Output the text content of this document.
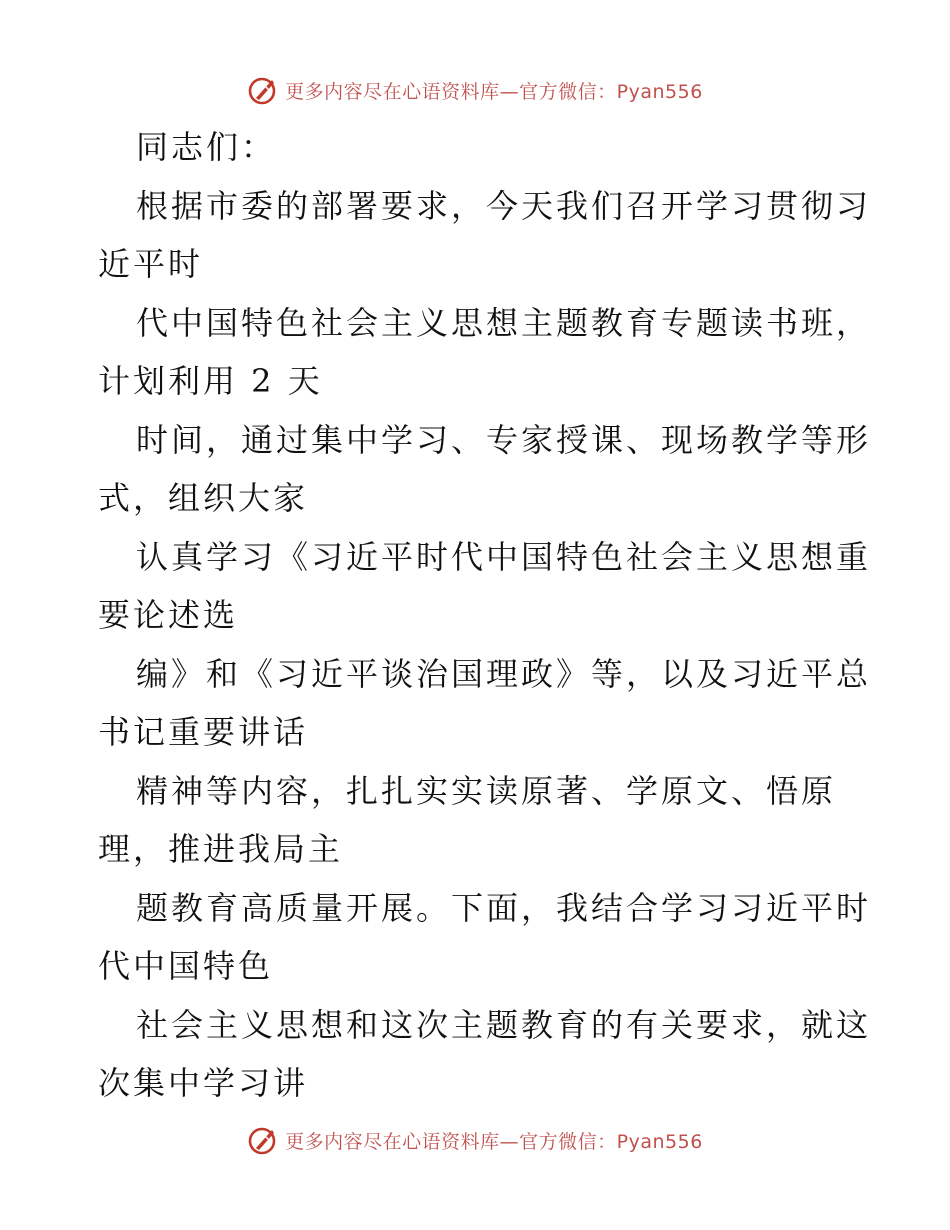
更多内容尽在心语资料库—官方微信：Pyan556
同志们：
根据市委的部署要求，今天我们召开学习贯彻习
近平时
代中国特色社会主义思想主题教育专题读书班，
计划利用 2 天
时间，通过集中学习、专家授课、现场教学等形
式，组织大家
认真学习《习近平时代中国特色社会主义思想重
要论述选
编》和《习近平谈治国理政》等，以及习近平总
书记重要讲话
精神等内容，扎扎实实读原著、学原文、悟原
理，推进我局主
题教育高质量开展。下面，我结合学习习近平时
代中国特色
社会主义思想和这次主题教育的有关要求，就这
次集中学习讲
更多内容尽在心语资料库—官方微信：Pyan556
